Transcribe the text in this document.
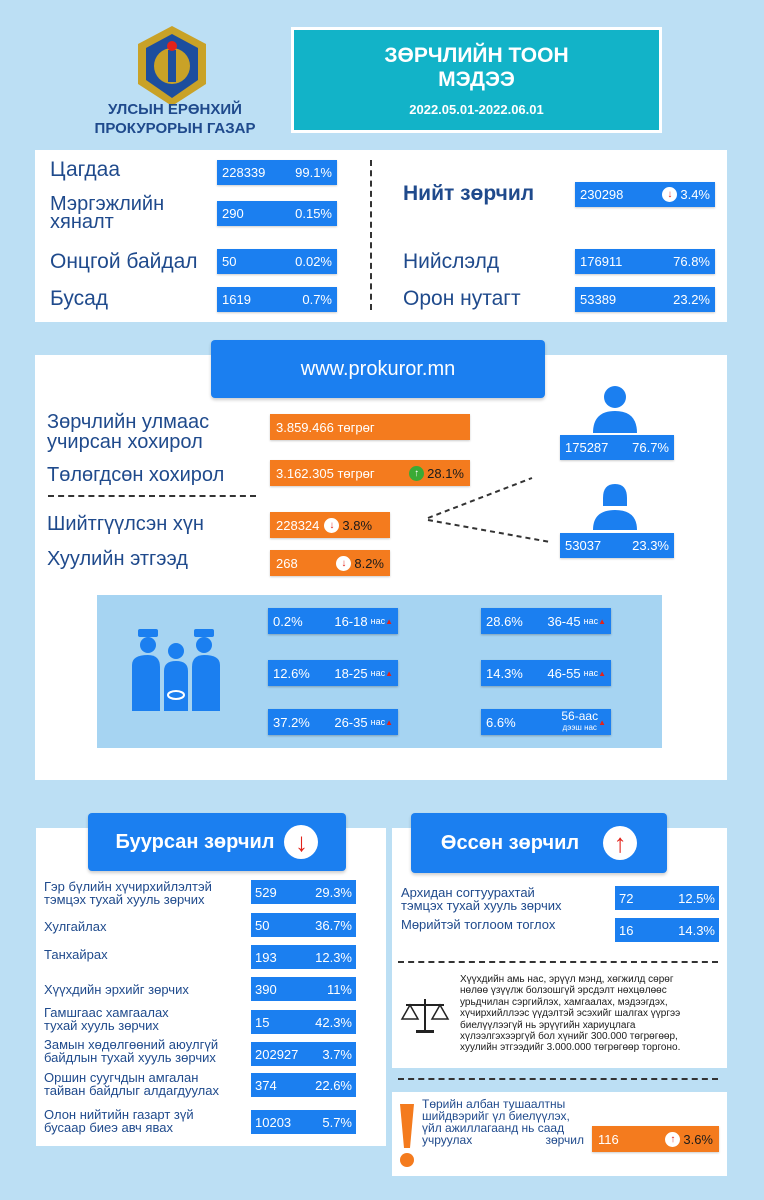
УЛСЫН ЕРӨНХИЙ
ПРОКУРОРЫН ГАЗАР
ЗӨРЧЛИЙН ТООН
МЭДЭЭ
2022.05.01-2022.06.01
Цагдаа	228339 99.1%
Мэргэжлийн хяналт	290	0.15%
Онцгой байдал 50	0.02%
Бусад	1619	0.7%
Нийт зөрчил	230298	↓ 3.4%
Нийслэлд	176911	76.8%
Орон нутагт	53389	23.2%
www.prokuror.mn
Зөрчлийн улмаас учирсан хохирол
3.859.466 төгрөг
Төлөгдсөн хохирол	3.162.305 төгрөг	↑ 28.1%
Шийтгүүлсэн хүн	228324	↓ 3.8%
Хуулийн этгээд	268	↓ 8.2%
175287 76.7%
53037 23.3%
0.2% 16-18 нас ▲
12.6% 18-25 нас ▲
37.2% 26-35 нас ▲
28.6% 36-45 нас ▲
14.3% 46-55 нас ▲
6.6%	56-аас
дээш нас
▲
Буурсан зөрчил ↓
Гэр бүлийн хүчирхийлэлтэй
тэмцэх тухай хууль зөрчих	529	29.3%
Хулгайлах	50	36.7%
Танхайрах	193	12.3%
Хүүхдийн эрхийг зөрчих	390	11%
Гамшгаас хамгаалах
тухай хууль зөрчих	15	42.3%
Замын хөдөлгөөний аюулгүй
байдлын тухай хууль зөрчих	202927 3.7%
Оршин суугчдын амгалан
тайван байдлыг алдагдуулах	374	22.6%
Олон нийтийн газарт зүй
бусаар биеэ авч явах	10203 5.7%
Өссөн зөрчил	↑
Архидан согтуурахтай
тэмцэх тухай хууль зөрчих	72	12.5%
Мөрийтэй тоглоом тоглох	16	14.3%
Хүүхдийн амь нас, эрүүл мэнд, хөгжилд сөрөг
нөлөө үзүүлж болзошгүй эрсдэлт нөхцөлөөс
урьдчилан сэргийлэх, хамгаалах, мэдээгдэх,
хүчирхийллээс үүдэлтэй эсэхийг шалгах үүргээ
биелүүлээгүй нь эрүүгийн хариуцлага
хүлээлгэхээргүй бол хүнийг 300.000 төгрөгөөр,
хуулийн этгээдийг 3.000.000 төгрөгөөр торгоно.
Төрийн албан тушаалтны
шийдвэрийг үл биелүүлэх,
үйл ажиллагаанд нь саад
учруулах	зөрчил 116	↑ 3.6%
